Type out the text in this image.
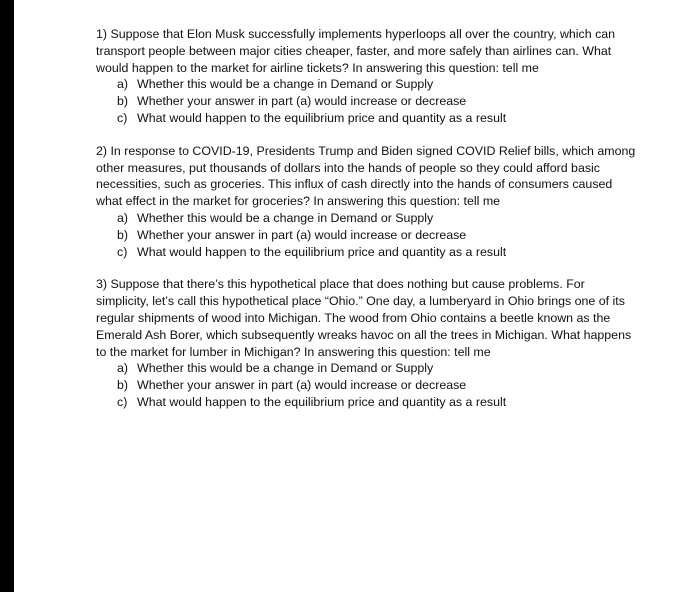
1) Suppose that Elon Musk successfully implements hyperloops all over the country, which can transport people between major cities cheaper, faster, and more safely than airlines can. What would happen to the market for airline tickets? In answering this question: tell me

a) Whether this would be a change in Demand or Supply
b) Whether your answer in part (a) would increase or decrease
c) What would happen to the equilibrium price and quantity as a result

2) In response to COVID-19, Presidents Trump and Biden signed COVID Relief bills, which among other measures, put thousands of dollars into the hands of people so they could afford basic necessities, such as groceries. This influx of cash directly into the hands of consumers caused what effect in the market for groceries? In answering this question: tell me

a) Whether this would be a change in Demand or Supply
b) Whether your answer in part (a) would increase or decrease
c) What would happen to the equilibrium price and quantity as a result

3) Suppose that there’s this hypothetical place that does nothing but cause problems. For simplicity, let’s call this hypothetical place “Ohio.” One day, a lumberyard in Ohio brings one of its regular shipments of wood into Michigan. The wood from Ohio contains a beetle known as the Emerald Ash Borer, which subsequently wreaks havoc on all the trees in Michigan. What happens to the market for lumber in Michigan? In answering this question: tell me

a) Whether this would be a change in Demand or Supply
b) Whether your answer in part (a) would increase or decrease
c) What would happen to the equilibrium price and quantity as a result
